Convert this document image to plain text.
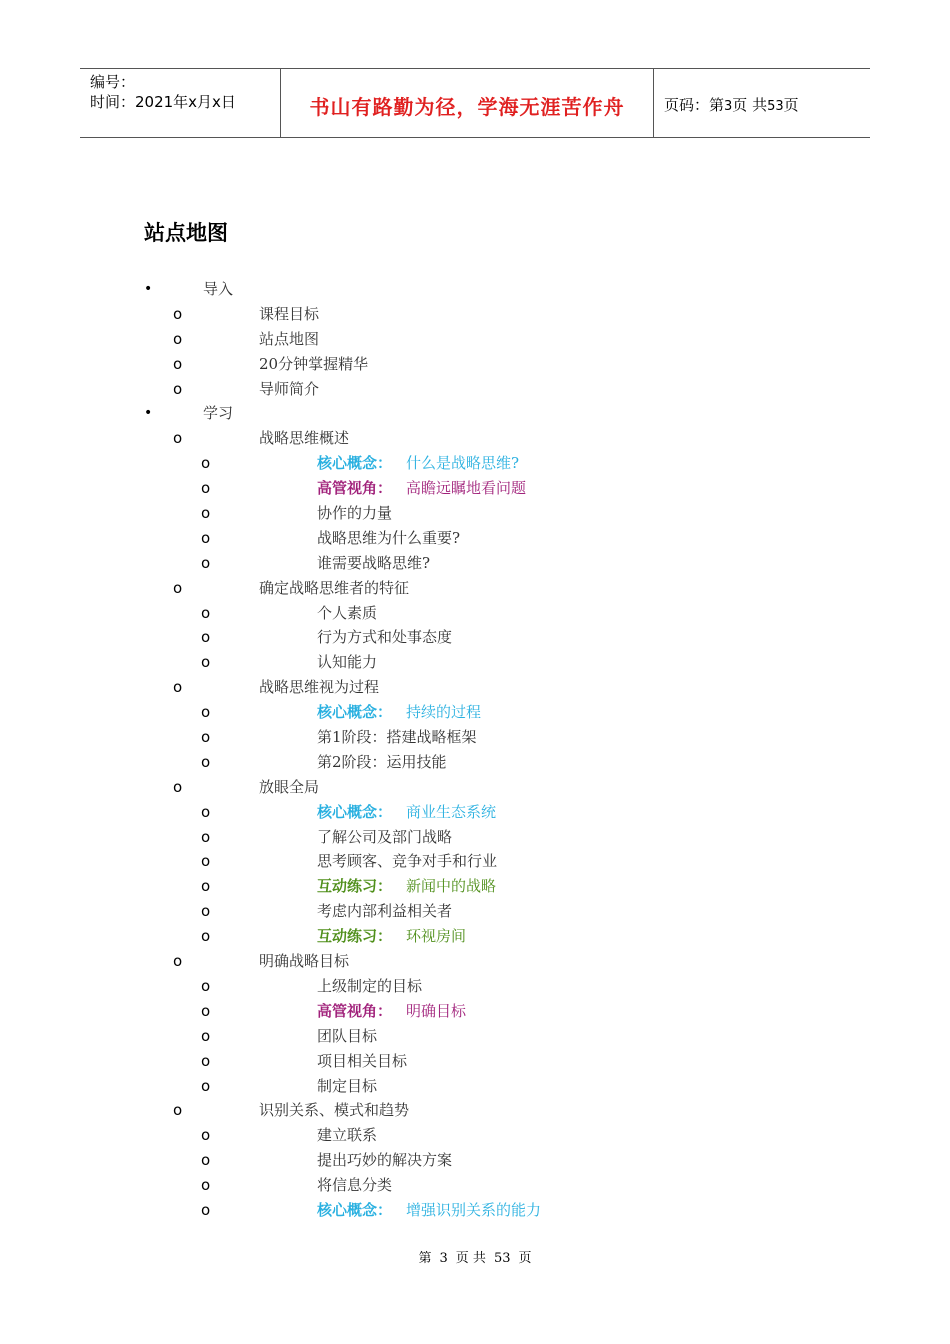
编号：
时间：2021年x月x日	书山有路勤为径，学海无涯苦作舟	页码：第3页 共53页
站点地图
•	导入
o	课程目标
o	站点地图
o	20分钟掌握精华
o	导师简介
•	学习
o	战略思维概述
o	核心概念： 什么是战略思维?
o	高管视角： 高瞻远瞩地看问题
o	协作的力量
o	战略思维为什么重要?
o	谁需要战略思维?
o	确定战略思维者的特征
o	个人素质
o	行为方式和处事态度
o	认知能力
o	战略思维视为过程
o	核心概念： 持续的过程
o	第1阶段：搭建战略框架
o	第2阶段：运用技能
o	放眼全局
o	核心概念： 商业生态系统
o	了解公司及部门战略
o	思考顾客、竞争对手和行业
o	互动练习： 新闻中的战略
o	考虑内部利益相关者
o	互动练习： 环视房间
o	明确战略目标
o	上级制定的目标
o	高管视角： 明确目标
o	团队目标
o	项目相关目标
o	制定目标
o	识别关系、模式和趋势
o	建立联系
o	提出巧妙的解决方案
o	将信息分类
o	核心概念： 增强识别关系的能力
第 3 页 共 53 页
